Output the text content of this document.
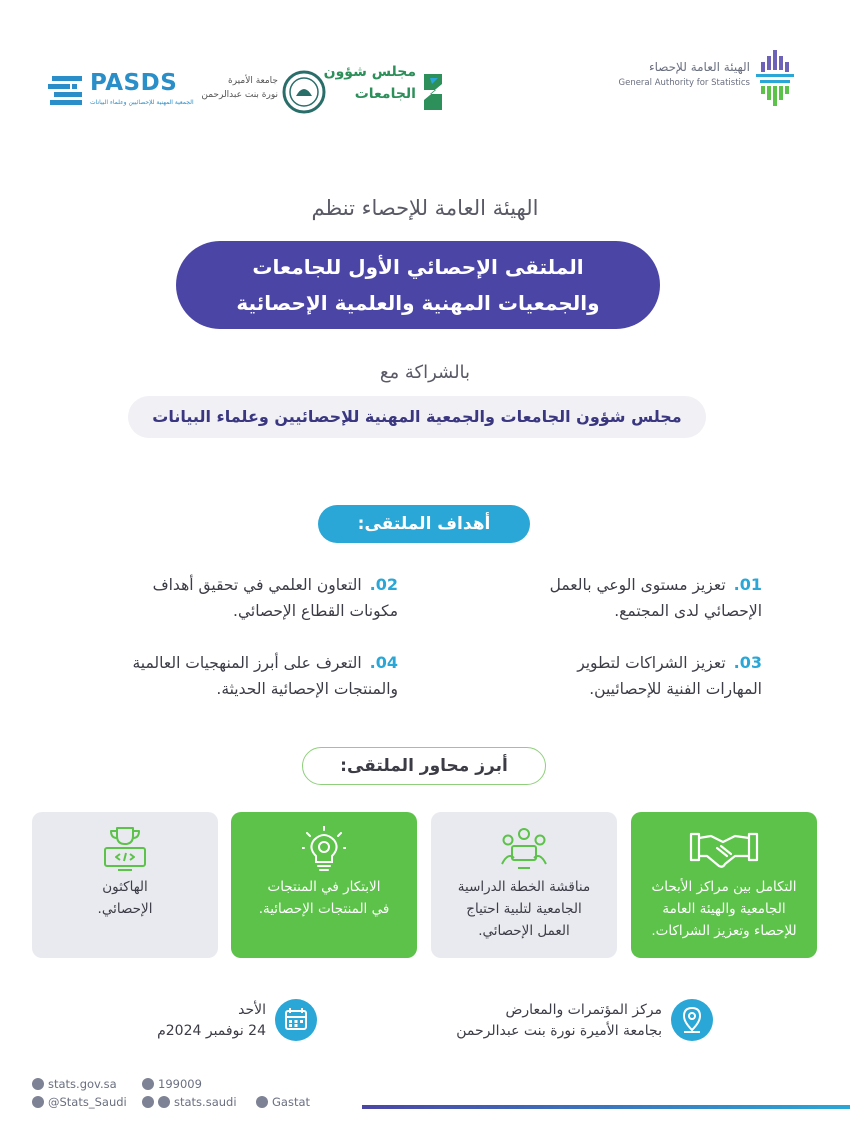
الهيئة العامة للإحصاء
General Authority for Statistics
مجلس شؤون
الجامعات
جامعة الأميرة
نورة بنت عبدالرحمن
PASDS
الجمعية المهنية للإحصائيين وعلماء البيانات
الهيئة العامة للإحصاء تنظم
الملتقى الإحصائي الأول للجامعات
والجمعيات المهنية والعلمية الإحصائية
بالشراكة مع
مجلس شؤون الجامعات والجمعية المهنية للإحصائيين وعلماء البيانات
أهداف الملتقى:
01.تعزيز مستوى الوعي بالعمل
الإحصائي لدى المجتمع.
02.التعاون العلمي في تحقيق أهداف
مكونات القطاع الإحصائي.
03.تعزيز الشراكات لتطوير
المهارات الفنية للإحصائيين.
04.التعرف على أبرز المنهجيات العالمية
والمنتجات الإحصائية الحديثة.
أبرز محاور الملتقى:
التكامل بين مراكز الأبحاث
الجامعية والهيئة العامة
للإحصاء وتعزيز الشراكات.
مناقشة الخطة الدراسية
الجامعية لتلبية احتياج
العمل الإحصائي.
الابتكار في المنتجات
في المنتجات الإحصائية.
الهاكثون
الإحصائي.
مركز المؤتمرات والمعارض
بجامعة الأميرة نورة بنت عبدالرحمن
الأحد
24 نوفمبر 2024م
stats.gov.sa	199009
@Stats_Saudi	stats.saudi	Gastat
